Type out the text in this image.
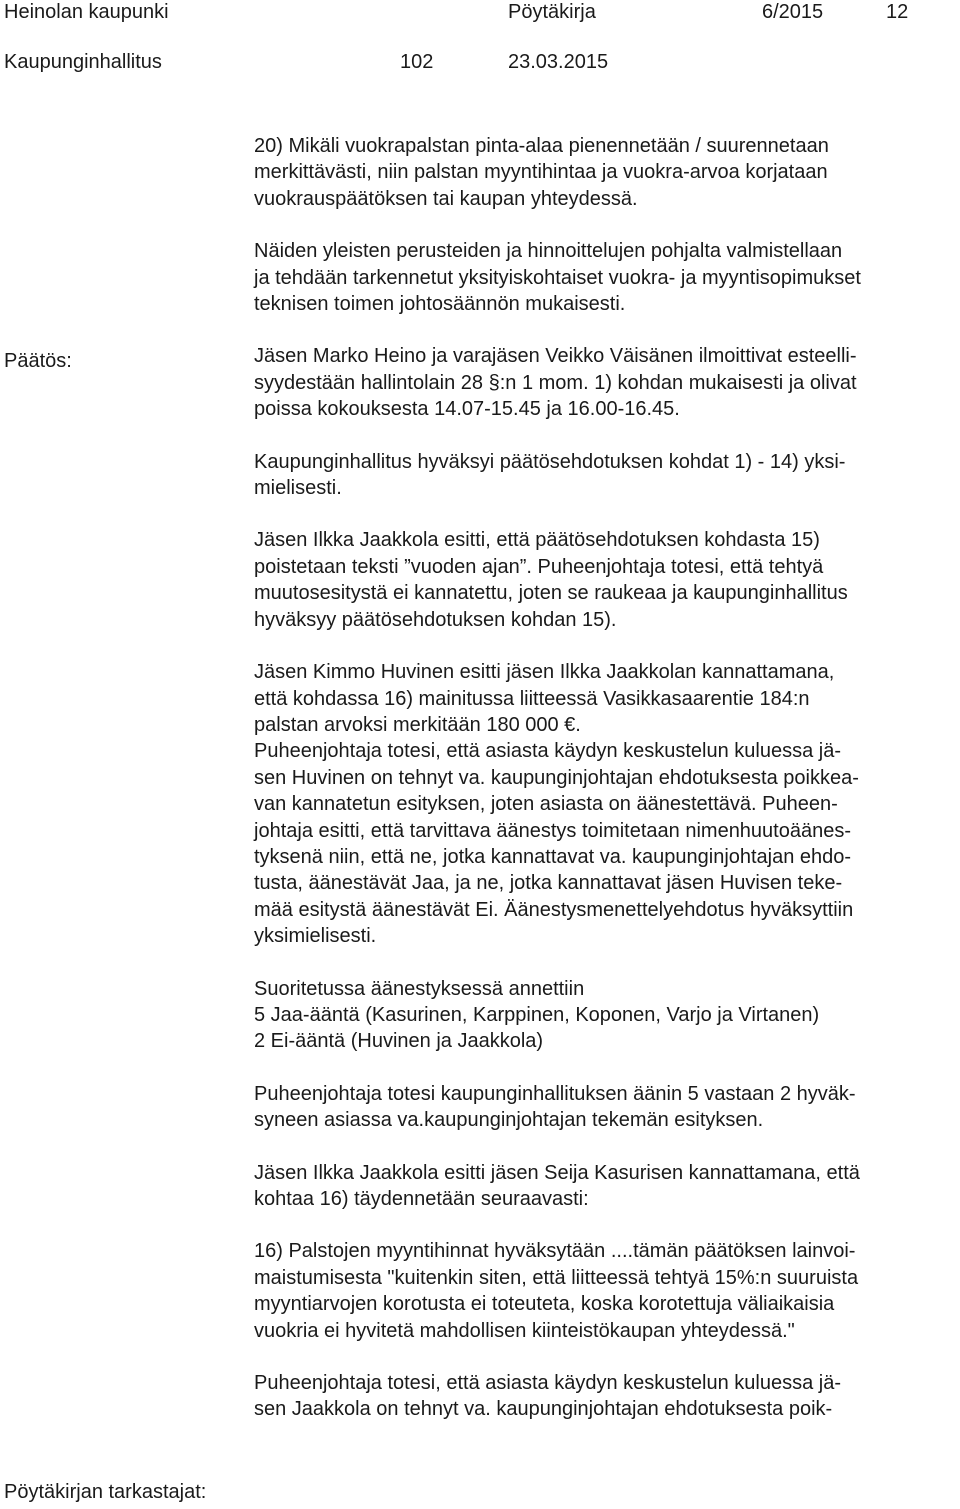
Heinolan kaupunki	Pöytäkirja	6/2015	12
Kaupunginhallitus	102	23.03.2015
Päätös:
20) Mikäli vuokrapalstan pinta-alaa pienennetään / suurennetaan
merkittävästi, niin palstan myyntihintaa ja vuokra-arvoa korjataan
vuokrauspäätöksen tai kaupan yhteydessä.
Näiden yleisten perusteiden ja hinnoittelujen pohjalta valmistellaan
ja tehdään tarkennetut yksityiskohtaiset vuokra- ja myyntisopimukset
teknisen toimen johtosäännön mukaisesti.
Jäsen Marko Heino ja varajäsen Veikko Väisänen ilmoittivat esteelli-
syydestään hallintolain 28 §:n 1 mom. 1) kohdan mukaisesti ja olivat
poissa kokouksesta 14.07-15.45 ja 16.00-16.45.
Kaupunginhallitus hyväksyi päätösehdotuksen kohdat 1) - 14) yksi-
mielisesti.
Jäsen Ilkka Jaakkola esitti, että päätösehdotuksen kohdasta 15)
poistetaan teksti ”vuoden ajan”. Puheenjohtaja totesi, että tehtyä
muutosesitystä ei kannatettu, joten se raukeaa ja kaupunginhallitus
hyväksyy päätösehdotuksen kohdan 15).
Jäsen Kimmo Huvinen esitti jäsen Ilkka Jaakkolan kannattamana,
että kohdassa 16) mainitussa liitteessä Vasikkasaarentie 184:n
palstan arvoksi merkitään 180 000 €.
Puheenjohtaja totesi, että asiasta käydyn keskustelun kuluessa jä-
sen Huvinen on tehnyt va. kaupunginjohtajan ehdotuksesta poikkea-
van kannatetun esityksen, joten asiasta on äänestettävä. Puheen-
johtaja esitti, että tarvittava äänestys toimitetaan nimenhuutoäänes-
tyksenä niin, että ne, jotka kannattavat va. kaupunginjohtajan ehdo-
tusta, äänestävät Jaa, ja ne, jotka kannattavat jäsen Huvisen teke-
mää esitystä äänestävät Ei. Äänestysmenettelyehdotus hyväksyttiin
yksimielisesti.
Suoritetussa äänestyksessä annettiin
5 Jaa-ääntä (Kasurinen, Karppinen, Koponen, Varjo ja Virtanen)
2 Ei-ääntä (Huvinen ja Jaakkola)
Puheenjohtaja totesi kaupunginhallituksen äänin 5 vastaan 2 hyväk-
syneen asiassa va.kaupunginjohtajan tekemän esityksen.
Jäsen Ilkka Jaakkola esitti jäsen Seija Kasurisen kannattamana, että
kohtaa 16) täydennetään seuraavasti:
16) Palstojen myyntihinnat hyväksytään ....tämän päätöksen lainvoi-
maistumisesta "kuitenkin siten, että liitteessä tehtyä 15%:n suuruista
myyntiarvojen korotusta ei toteuteta, koska korotettuja väliaikaisia
vuokria ei hyvitetä mahdollisen kiinteistökaupan yhteydessä."
Puheenjohtaja totesi, että asiasta käydyn keskustelun kuluessa jä-
sen Jaakkola on tehnyt va. kaupunginjohtajan ehdotuksesta poik-
Pöytäkirjan tarkastajat:
